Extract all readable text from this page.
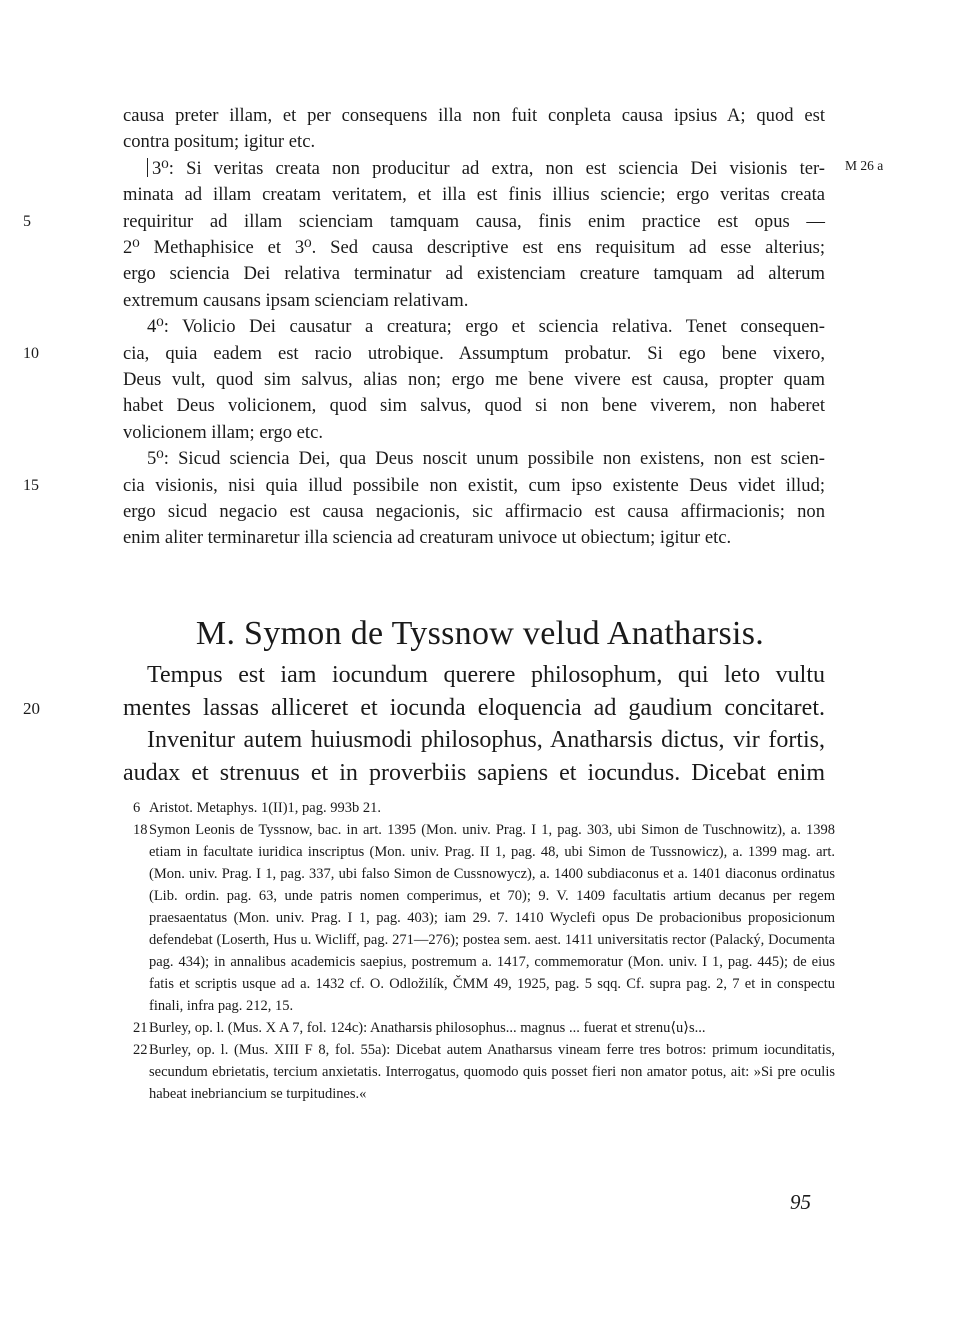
causa preter illam, et per consequens illa non fuit conpleta causa ipsius A; quod est
contra positum; igitur etc.
3⁰: Si veritas creata non producitur ad extra, non est sciencia Dei visionis ter-
minata ad illam creatam veritatem, et illa est finis illius sciencie; ergo veritas creata
5	requiritur ad illam scienciam tamquam causa, finis enim practice est opus —
2⁰ Methaphisice et 3⁰. Sed causa descriptive est ens requisitum ad esse alterius;
ergo sciencia Dei relativa terminatur ad existenciam creature tamquam ad alterum
extremum causans ipsam scienciam relativam.
4⁰: Volicio Dei causatur a creatura; ergo et sciencia relativa. Tenet consequen-
10	cia, quia eadem est racio utrobique. Assumptum probatur. Si ego bene vixero,
Deus vult, quod sim salvus, alias non; ergo me bene vivere est causa, propter quam
habet Deus volicionem, quod sim salvus, quod si non bene viverem, non haberet
volicionem illam; ergo etc.
5⁰: Sicud sciencia Dei, qua Deus noscit unum possibile non existens, non est scien-
15	cia visionis, nisi quia illud possibile non existit, cum ipso existente Deus videt illud;
ergo sicud negacio est causa negacionis, sic affirmacio est causa affirmacionis; non
enim aliter terminaretur illa sciencia ad creaturam univoce ut obiectum; igitur etc.
M 26 a
M. Symon de Tyssnow velud Anatharsis.
Tempus est iam iocundum querere philosophum, qui leto vultu
20	mentes lassas alliceret et iocunda eloquencia ad gaudium concitaret.
Invenitur autem huiusmodi philosophus, Anatharsis dictus, vir fortis,
audax et strenuus et in proverbiis sapiens et iocundus. Dicebat enim
6 Aristot. Metaphys. 1(II)1, pag. 993b 21.
18 Symon Leonis de Tyssnow, bac. in art. 1395 (Mon. univ. Prag. I 1, pag. 303, ubi Simon de Tuschnowitz), a. 1398 etiam in facultate iuridica inscriptus (Mon. univ. Prag. II 1, pag. 48, ubi Simon de Tussnowicz), a. 1399 mag. art. (Mon. univ. Prag. I 1, pag. 337, ubi falso Simon de Cussnowycz), a. 1400 subdiaconus et a. 1401 diaconus ordinatus (Lib. ordin. pag. 63, unde patris nomen comperimus, et 70); 9. V. 1409 facultatis artium decanus per regem praesaentatus (Mon. univ. Prag. I 1, pag. 403); iam 29. 7. 1410 Wyclefi opus De probacionibus proposicionum defendebat (Loserth, Hus u. Wicliff, pag. 271—276); postea sem. aest. 1411 universitatis rector (Palacký, Documenta pag. 434); in annalibus academicis saepius, postremum a. 1417, commemoratur (Mon. univ. I 1, pag. 445); de eius fatis et scriptis usque ad a. 1432 cf. O. Odložilík, ČMM 49, 1925, pag. 5 sqq. Cf. supra pag. 2, 7 et in conspectu finali, infra pag. 212, 15.
21 Burley, op. l. (Mus. X A 7, fol. 124c): Anatharsis philosophus... magnus ... fuerat et strenu⟨u⟩s...
22 Burley, op. l. (Mus. XIII F 8, fol. 55a): Dicebat autem Anatharsus vineam ferre tres botros: primum iocunditatis, secundum ebrietatis, tercium anxietatis. Interrogatus, quomodo quis posset fieri non amator potus, ait: »Si pre oculis habeat inebriancium se turpitudines.«
95
